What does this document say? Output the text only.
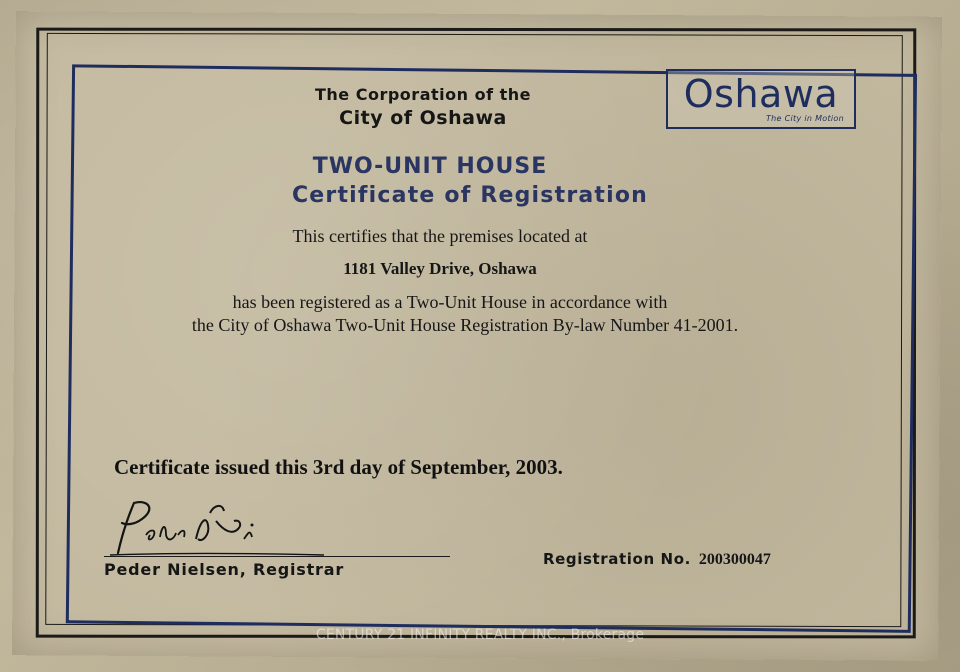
The Corporation of the
City of Oshawa
Oshawa
The City in Motion
TWO-UNIT HOUSE
Certificate of Registration
This certifies that the premises located at
1181 Valley Drive, Oshawa
has been registered as a Two-Unit House in accordance with
the City of Oshawa Two-Unit House Registration By-law Number 41-2001.
Certificate issued this 3rd day of September, 2003.
Peder Nielsen, Registrar
Registration No. 200300047
CENTURY 21 INFINITY REALTY INC., Brokerage
